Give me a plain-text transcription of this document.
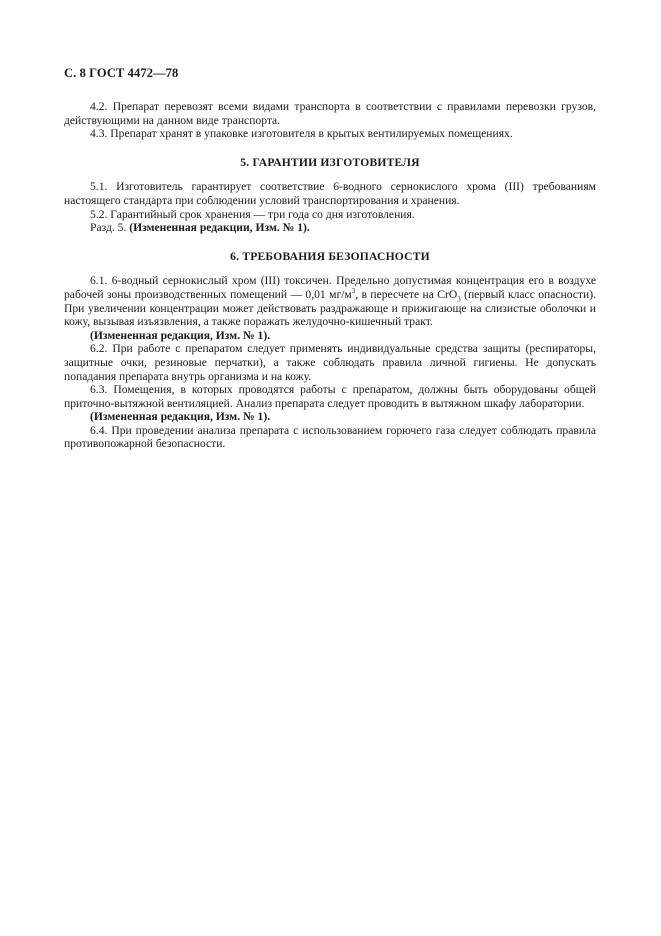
С. 8 ГОСТ 4472—78

4.2. Препарат перевозят всеми видами транспорта в соответствии с правилами перевозки грузов, действующими на данном виде транспорта.

4.3. Препарат хранят в упаковке изготовителя в крытых вентилируемых помещениях.

5. ГАРАНТИИ ИЗГОТОВИТЕЛЯ

5.1. Изготовитель гарантирует соответствие 6-водного сернокислого хрома (III) требованиям настоящего стандарта при соблюдении условий транспортирования и хранения.

5.2. Гарантийный срок хранения — три года со дня изготовления.

Разд. 5. (Измененная редакции, Изм. № 1).

6. ТРЕБОВАНИЯ БЕЗОПАСНОСТИ

6.1. 6-водный сернокислый хром (III) токсичен. Предельно допустимая концентрация его в воздухе рабочей зоны производственных помещений — 0,01 $мг/м^3$, в пересчете на CrO$_3$ (первый класс опасности). При увеличении концентрации может действовать раздражающе и прижигающе на слизистые оболочки и кожу, вызывая изъязвления, а также поражать желудочно-кишечный тракт.

(Измененная редакция, Изм. № 1).

6.2. При работе с препаратом следует применять индивидуальные средства защиты (респираторы, защитные очки, резиновые перчатки), а также соблюдать правила личной гигиены. Не допускать попадания препарата внутрь организма и на кожу.

6.3. Помещения, в которых проводятся работы с препаратом, должны быть оборудованы общей приточно-вытяжной вентиляцией. Анализ препарата следует проводить в вытяжном шкафу лаборатории.

(Измененная редакция, Изм. № 1).

6.4. При проведении анализа препарата с использованием горючего газа следует соблюдать правила противопожарной безопасности.
